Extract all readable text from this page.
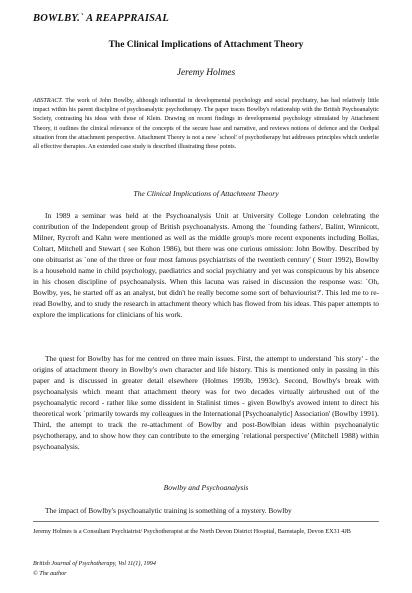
BOWLBY.` A REAPPRAISAL
The Clinical Implications of Attachment Theory
Jeremy Holmes
ABSTRACT. The work of John Bowlby, although influential in developmental psychology and social psychiatry, has had relatively little impact within his parent discipline of psychoanalytic psychotherapy. The paper traces Bowlby's relationship with the British Psychoanalytic Society, contrasting his ideas with those of Klein. Drawing on recent findings in developmental psychology stimulated by Attachment Theory, it outlines the clinical relevance of the concepts of the secure base and narrative, and reviews notions of defence and the Oedipal situation from the attachment perspective. Attachment Theory is not a new `school' of psychotherapy but addresses principles which underlie all effective therapies. An extended case study is described illustrating these points.
The Clinical Implications of Attachment Theory

In 1989 a seminar was held at the Psychoanalysis Unit at University College London celebrating the contribution of the Independent group of British psychoanalysts. Among the `founding fathers', Balint, Winnicott, Milner, Rycroft and Kahn were mentioned as well as the middle group's more recent exponents including Bollas, Coltart, Mitchell and Stewart ( see Kohon 1986), but there was one curious omission: John Bowlby. Described by one obituarist as `one of the three or four most famous psychiatrists of the twentieth century' ( Storr 1992), Bowlby is a household name in child psychology, paediatrics and social psychiatry and yet was conspicuous by his absence in his chosen discipline of psychoanalysis. When this lacuna was raised in discussion the response was: `Oh, Bowlby, yes, he started off as an analyst, but didn't he really become some sort of behaviourist?'. This led me to re-read Bowlby, and to study the research in attachment theory which has flowed from his ideas. This paper attempts to explore the implications for clinicians of his work.

The quest for Bowlby has for me centred on three main issues. First, the attempt to understand `his story' - the origins of attachment theory in Bowlby's own character and life history. This is mentioned only in passing in this paper and is discussed in greater detail elsewhere (Holmes 1993b, 1993c). Second, Bowlby's break with psychoanalysis which meant that attachment theory was for two decades virtually airbrushed out of the psychoanalytic record - rather like some dissident in Stalinist times - given Bowlby's avowed intent to direct his theoretical work `primarily towards my colleagues in the International [Psychoanalytic] Association' (Bowlby 1991). Third, the attempt to track the re-attachment of Bowlby and post-Bowlbian ideas within psychoanalytic psychotherapy, and to show how they can contribute to the emerging `relational perspective' (Mitchell 1988) within psychoanalysis.

Bowlby and Psychoanalysis

The impact of Bowlby's psychoanalytic training is something of a mystery. Bowlby

Jeremy Holmes is a Consultant Psychiatrist/ Psychotherapist at the North Devon District Hospital, Barnstaple, Devon EX31 4JB
British Journal of Psychotherapy, Vol 11(1), 1994
© The author
